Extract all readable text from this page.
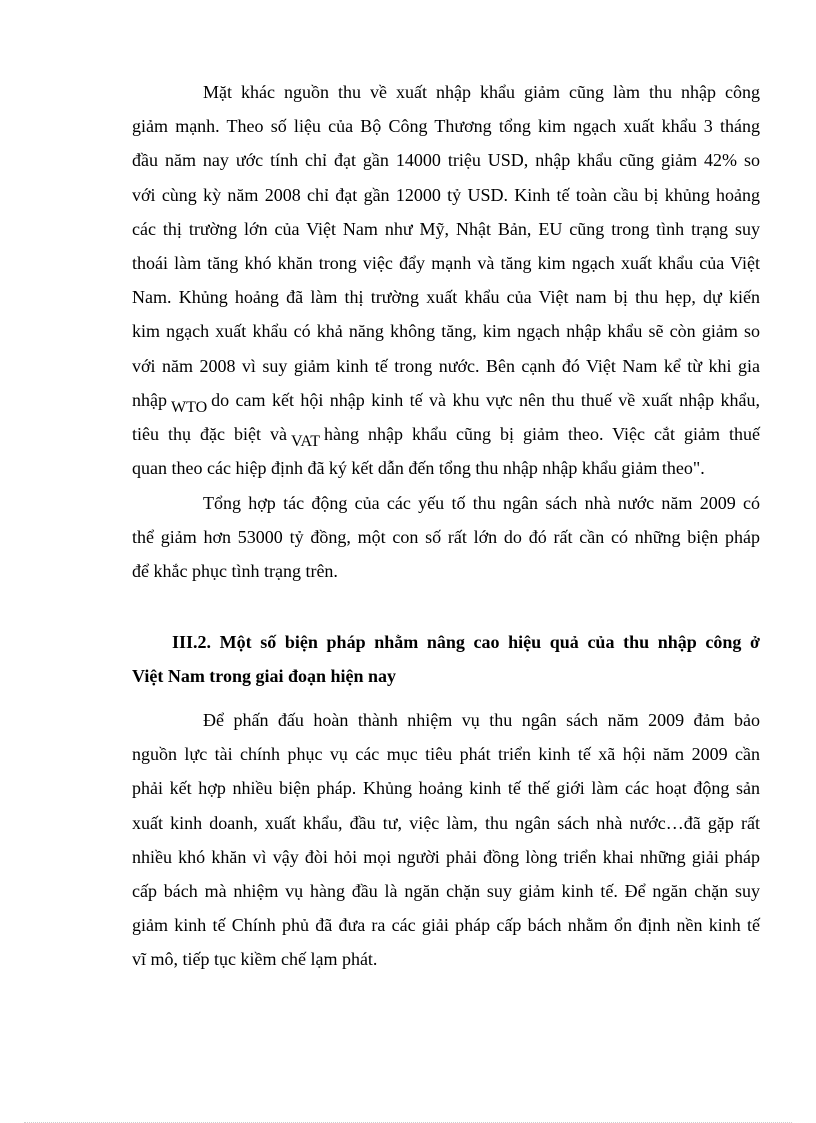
Mặt khác nguồn thu về xuất nhập khẩu giảm cũng làm thu nhập công
giảm mạnh. Theo số liệu của Bộ Công Thương tổng kim ngạch xuất khẩu 3 tháng
đầu năm nay ước tính chỉ đạt gần 14000 triệu USD, nhập khẩu cũng giảm 42% so
với cùng kỳ năm 2008 chỉ đạt gần 12000 tỷ USD. Kinh tế toàn cầu bị khủng hoảng
các thị trường lớn của Việt Nam như Mỹ, Nhật Bản, EU cũng trong tình trạng suy
thoái làm tăng khó khăn trong việc đẩy mạnh và tăng kim ngạch xuất khẩu của Việt
Nam. Khủng hoảng đã làm thị trường xuất khẩu của Việt nam bị thu hẹp, dự kiến
kim ngạch xuất khẩu có khả năng không tăng, kim ngạch nhập khẩu sẽ còn giảm so
với năm 2008 vì suy giảm kinh tế trong nước. Bên cạnh đó Việt Nam kể từ khi gia
nhập WTO do cam kết hội nhập kinh tế và khu vực nên thu thuế về xuất nhập khẩu,
tiêu thụ đặc biệt và VAT hàng nhập khẩu cũng bị giảm theo. Việc cắt giảm thuế
quan theo các hiệp định đã ký kết dẫn đến tổng thu nhập nhập khẩu giảm theo".
Tổng hợp tác động của các yếu tố thu ngân sách nhà nước năm 2009 có
thể giảm hơn 53000 tỷ đồng, một con số rất lớn do đó rất cần có những biện pháp
để khắc phục tình trạng trên.
III.2. Một số biện pháp nhằm nâng cao hiệu quả của thu nhập công ở
Việt Nam trong giai đoạn hiện nay
Để phấn đấu hoàn thành nhiệm vụ thu ngân sách năm 2009 đảm bảo
nguồn lực tài chính phục vụ các mục tiêu phát triển kinh tế xã hội năm 2009 cần
phải kết hợp nhiều biện pháp. Khủng hoảng kinh tế thế giới làm các hoạt động sản
xuất kinh doanh, xuất khẩu, đầu tư, việc làm, thu ngân sách nhà nước…đã gặp rất
nhiều khó khăn vì vậy đòi hỏi mọi người phải đồng lòng triển khai những giải pháp
cấp bách mà nhiệm vụ hàng đầu là ngăn chặn suy giảm kinh tế. Để ngăn chặn suy
giảm kinh tế Chính phủ đã đưa ra các giải pháp cấp bách nhằm ổn định nền kinh tế
vĩ mô, tiếp tục kiềm chế lạm phát.
